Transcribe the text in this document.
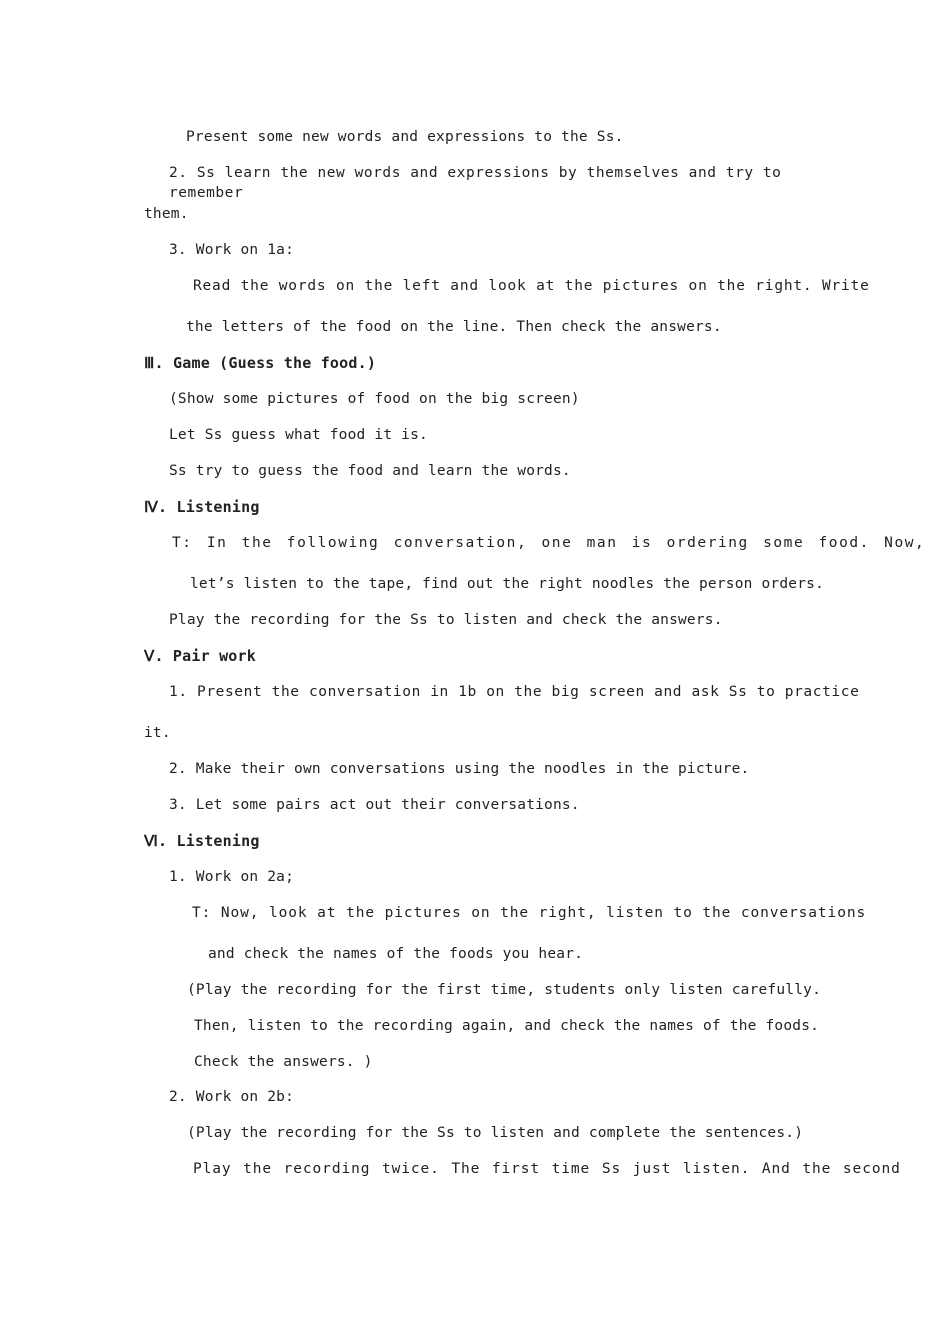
Present some new words and expressions to the Ss.
2. Ss learn the new words and expressions by themselves and try to remember
them.
3. Work on 1a:
Read the words on the left and look at the pictures on the right. Write
the letters of the food on the line. Then check the answers.
Ⅲ. Game (Guess the food.)
(Show some pictures of food on the big screen)
Let Ss guess what food it is.
Ss try to guess the food and learn the words.
Ⅳ. Listening
T: In the following conversation, one man is ordering some food. Now,
let’s listen to the tape, find out the right noodles the person orders.
Play the recording for the Ss to listen and check the answers.
Ⅴ. Pair work
1. Present the conversation in 1b on the big screen and ask Ss to practice
it.
2. Make their own conversations using the noodles in the picture.
3. Let some pairs act out their conversations.
Ⅵ. Listening
1. Work on 2a;
T: Now, look at the pictures on the right, listen to the conversations
and check the names of the foods you hear.
(Play the recording for the first time, students only listen carefully.
Then, listen to the recording again, and check the names of the foods.
Check the answers. )
2. Work on 2b:
(Play the recording for the Ss to listen and complete the sentences.)
Play the recording twice. The first time Ss just listen. And the second
